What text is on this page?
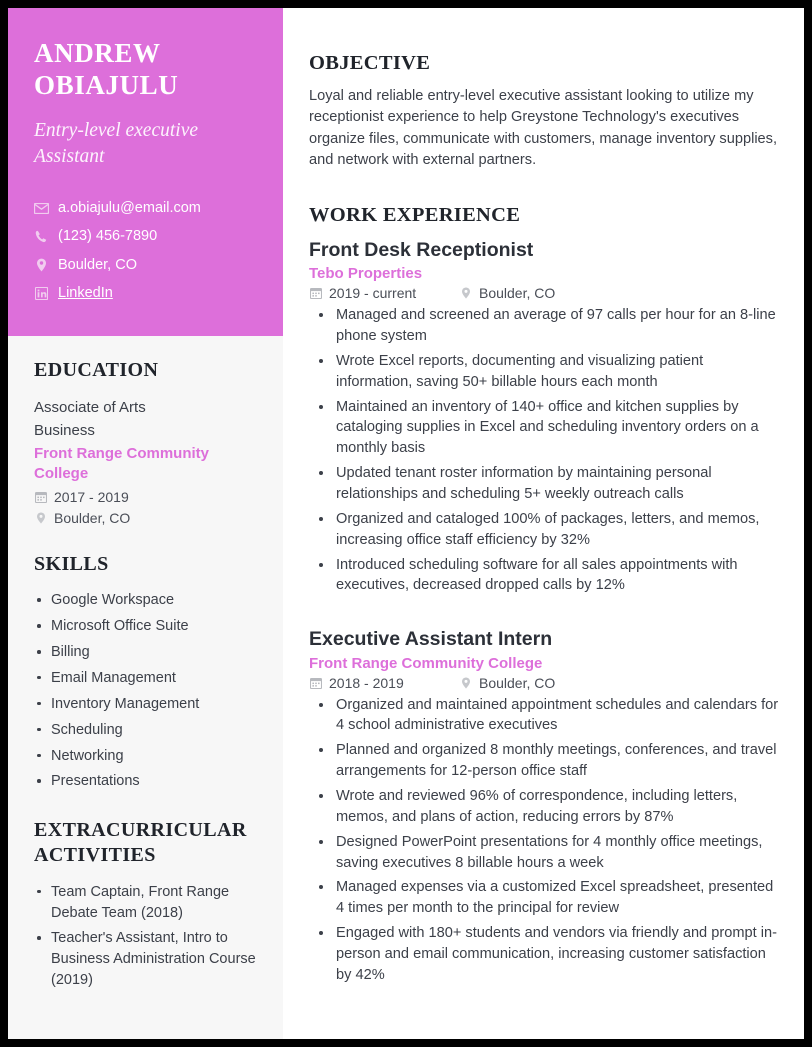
ANDREW OBIAJULU
Entry-level executive Assistant
a.obiajulu@email.com
(123) 456-7890
Boulder, CO
LinkedIn
EDUCATION
Associate of Arts
Business
Front Range Community College
2017 - 2019
Boulder, CO
SKILLS
Google Workspace
Microsoft Office Suite
Billing
Email Management
Inventory Management
Scheduling
Networking
Presentations
EXTRACURRICULAR ACTIVITIES
Team Captain, Front Range Debate Team (2018)
Teacher's Assistant, Intro to Business Administration Course (2019)
OBJECTIVE

Loyal and reliable entry-level executive assistant looking to utilize my receptionist experience to help Greystone Technology's executives organize files, communicate with customers, manage inventory supplies, and network with external partners.

WORK EXPERIENCE
Front Desk Receptionist
Tebo Properties
2019 - current	Boulder, CO
Managed and screened an average of 97 calls per hour for an 8-line phone system
Wrote Excel reports, documenting and visualizing patient information, saving 50+ billable hours each month
Maintained an inventory of 140+ office and kitchen supplies by cataloging supplies in Excel and scheduling inventory orders on a monthly basis
Updated tenant roster information by maintaining personal relationships and scheduling 5+ weekly outreach calls
Organized and cataloged 100% of packages, letters, and memos, increasing office staff efficiency by 32%
Introduced scheduling software for all sales appointments with executives, decreased dropped calls by 12%
Executive Assistant Intern
Front Range Community College
2018 - 2019	Boulder, CO
Organized and maintained appointment schedules and calendars for 4 school administrative executives
Planned and organized 8 monthly meetings, conferences, and travel arrangements for 12-person office staff
Wrote and reviewed 96% of correspondence, including letters, memos, and plans of action, reducing errors by 87%
Designed PowerPoint presentations for 4 monthly office meetings, saving executives 8 billable hours a week
Managed expenses via a customized Excel spreadsheet, presented 4 times per month to the principal for review
Engaged with 180+ students and vendors via friendly and prompt in-person and email communication, increasing customer satisfaction by 42%
